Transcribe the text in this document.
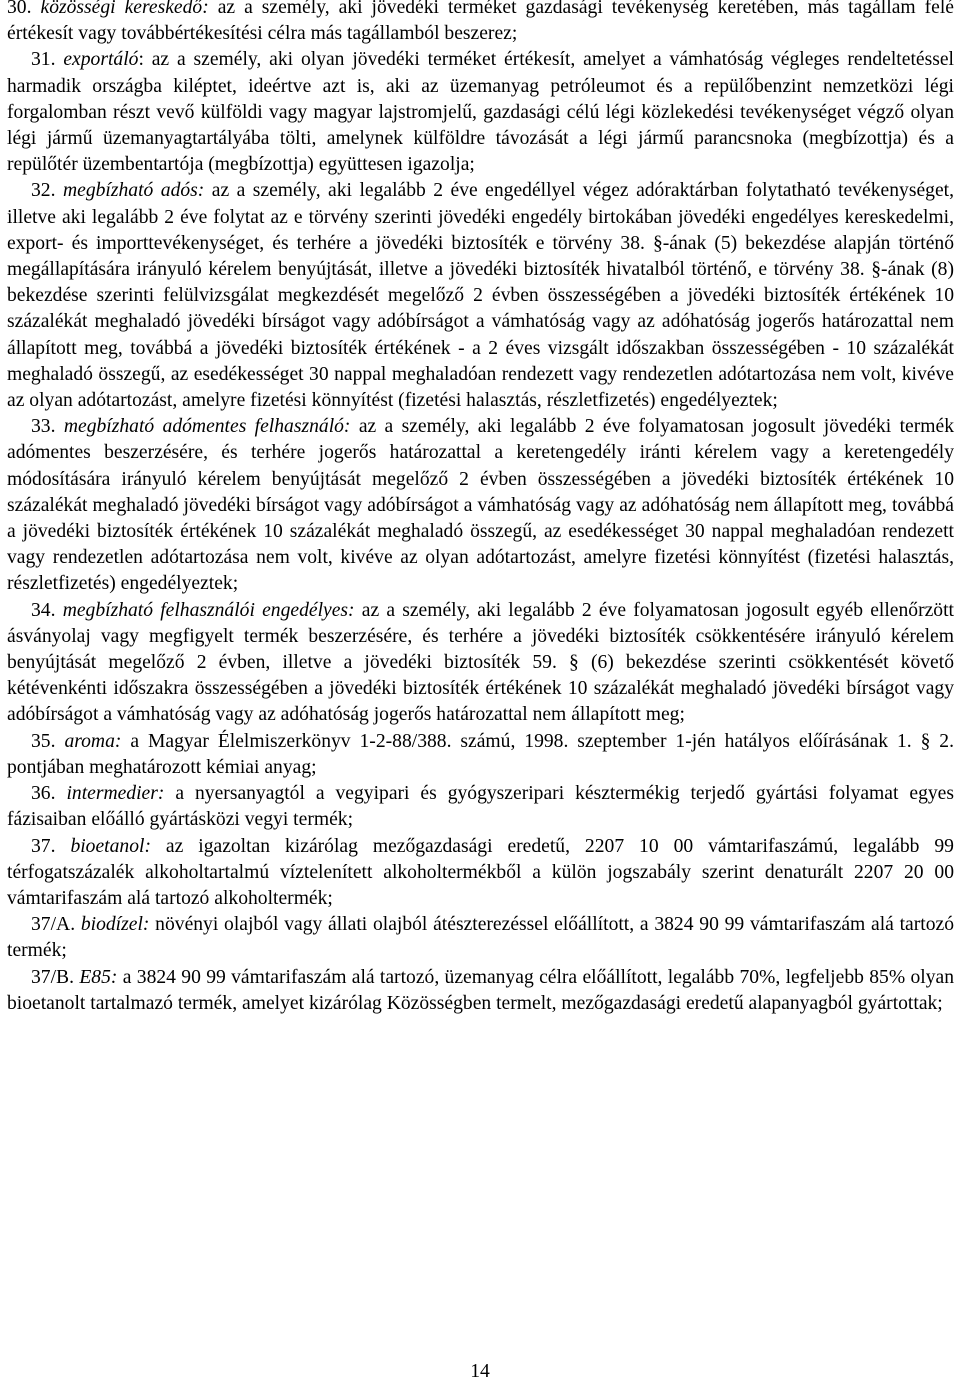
30. közösségi kereskedő: az a személy, aki jövedéki terméket gazdasági tevékenység keretében, más tagállam felé értékesít vagy továbbértékesítési célra más tagállamból beszerez;

31. exportáló: az a személy, aki olyan jövedéki terméket értékesít, amelyet a vámhatóság végleges rendeltetéssel harmadik országba kiléptet, ideértve azt is, aki az üzemanyag petróleumot és a repülőbenzint nemzetközi légi forgalomban részt vevő külföldi vagy magyar lajstromjelű, gazdasági célú légi közlekedési tevékenységet végző olyan légi jármű üzemanyagtartályába tölti, amelynek külföldre távozását a légi jármű parancsnoka (megbízottja) és a repülőtér üzembentartója (megbízottja) együttesen igazolja;

32. megbízható adós: az a személy, aki legalább 2 éve engedéllyel végez adóraktárban folytatható tevékenységet, illetve aki legalább 2 éve folytat az e törvény szerinti jövedéki engedély birtokában jövedéki engedélyes kereskedelmi, export- és importtevékenységet, és terhére a jövedéki biztosíték e törvény 38. §-ának (5) bekezdése alapján történő megállapítására irányuló kérelem benyújtását, illetve a jövedéki biztosíték hivatalból történő, e törvény 38. §-ának (8) bekezdése szerinti felülvizsgálat megkezdését megelőző 2 évben összességében a jövedéki biztosíték értékének 10 százalékát meghaladó jövedéki bírságot vagy adóbírságot a vámhatóság vagy az adóhatóság jogerős határozattal nem állapított meg, továbbá a jövedéki biztosíték értékének - a 2 éves vizsgált időszakban összességében - 10 százalékát meghaladó összegű, az esedékességet 30 nappal meghaladóan rendezett vagy rendezetlen adótartozása nem volt, kivéve az olyan adótartozást, amelyre fizetési könnyítést (fizetési halasztás, részletfizetés) engedélyeztek;

33. megbízható adómentes felhasználó: az a személy, aki legalább 2 éve folyamatosan jogosult jövedéki termék adómentes beszerzésére, és terhére jogerős határozattal a keretengedély iránti kérelem vagy a keretengedély módosítására irányuló kérelem benyújtását megelőző 2 évben összességében a jövedéki biztosíték értékének 10 százalékát meghaladó jövedéki bírságot vagy adóbírságot a vámhatóság vagy az adóhatóság nem állapított meg, továbbá a jövedéki biztosíték értékének 10 százalékát meghaladó összegű, az esedékességet 30 nappal meghaladóan rendezett vagy rendezetlen adótartozása nem volt, kivéve az olyan adótartozást, amelyre fizetési könnyítést (fizetési halasztás, részletfizetés) engedélyeztek;

34. megbízható felhasználói engedélyes: az a személy, aki legalább 2 éve folyamatosan jogosult egyéb ellenőrzött ásványolaj vagy megfigyelt termék beszerzésére, és terhére a jövedéki biztosíték csökkentésére irányuló kérelem benyújtását megelőző 2 évben, illetve a jövedéki biztosíték 59. § (6) bekezdése szerinti csökkentését követő kétévenkénti időszakra összességében a jövedéki biztosíték értékének 10 százalékát meghaladó jövedéki bírságot vagy adóbírságot a vámhatóság vagy az adóhatóság jogerős határozattal nem állapított meg;

35. aroma: a Magyar Élelmiszerkönyv 1-2-88/388. számú, 1998. szeptember 1-jén hatályos előírásának 1. § 2. pontjában meghatározott kémiai anyag;

36. intermedier: a nyersanyagtól a vegyipari és gyógyszeripari késztermékig terjedő gyártási folyamat egyes fázisaiban előálló gyártásközi vegyi termék;

37. bioetanol: az igazoltan kizárólag mezőgazdasági eredetű, 2207 10 00 vámtarifaszámú, legalább 99 térfogatszázalék alkoholtartalmú víztelenített alkoholtermékből a külön jogszabály szerint denaturált 2207 20 00 vámtarifaszám alá tartozó alkoholtermék;

37/A. biodízel: növényi olajból vagy állati olajból átészterezéssel előállított, a 3824 90 99 vámtarifaszám alá tartozó termék;

37/B. E85: a 3824 90 99 vámtarifaszám alá tartozó, üzemanyag célra előállított, legalább 70%, legfeljebb 85% olyan bioetanolt tartalmazó termék, amelyet kizárólag Közösségben termelt, mezőgazdasági eredetű alapanyagból gyártottak;

14
